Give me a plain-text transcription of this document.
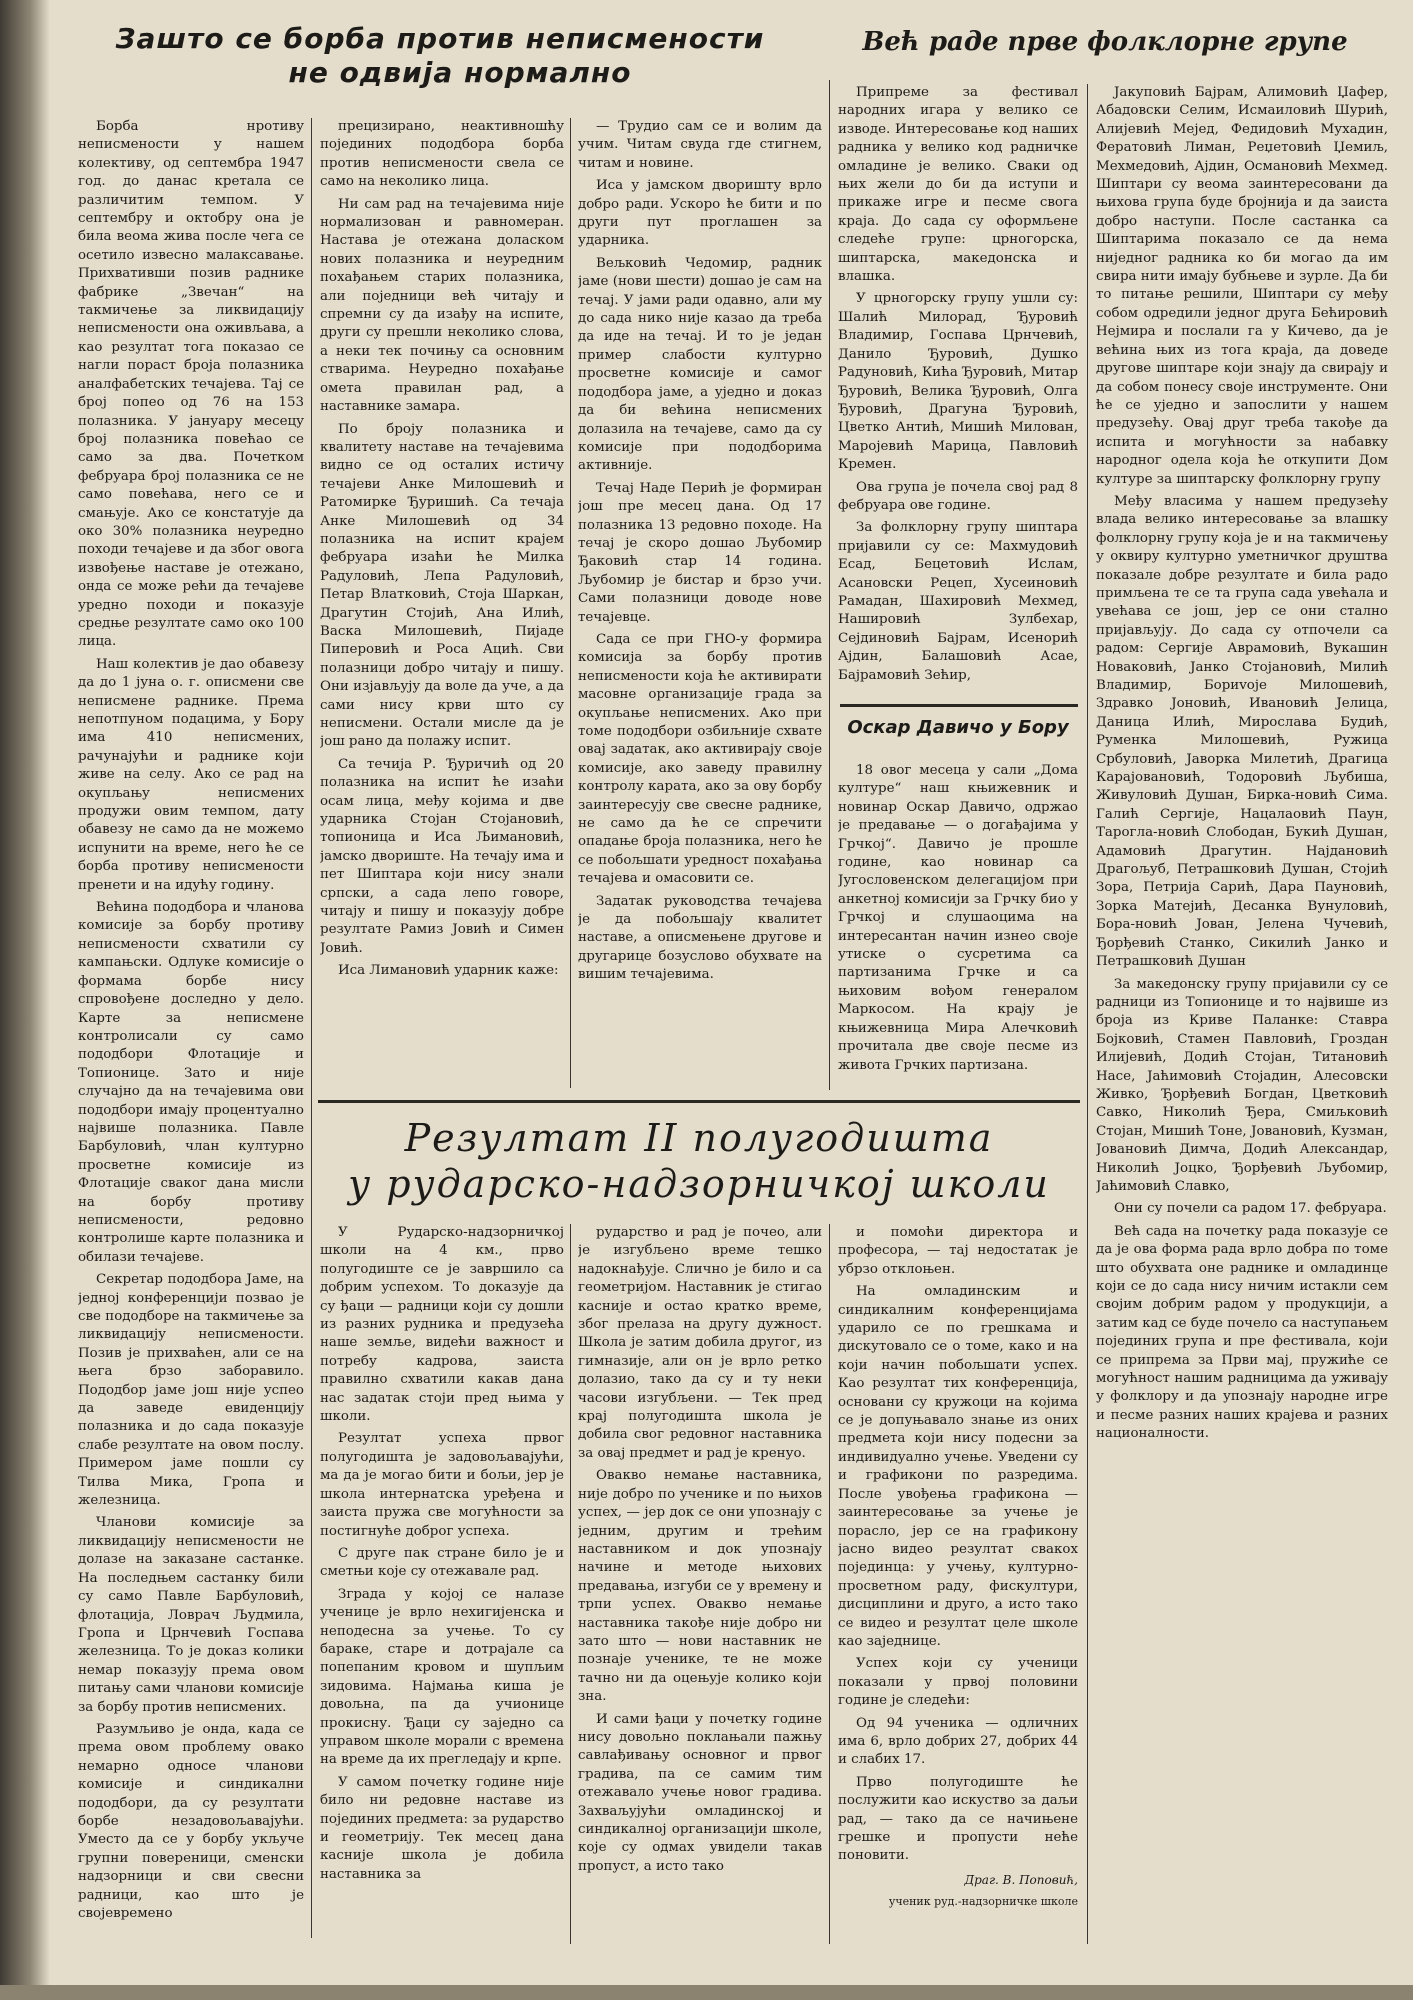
Зашто се борба против неписмености
не одвија нормално
Већ раде прве фолклорне групе

Борба нротиву неписмености у нашем колективу, од септембра 1947 год. до данас кретала се различитим темпом. У септембру и октобру она је била веома жива после чега се осетило извесно малаксавање. Прихвативши позив раднике фабрике „Звечан“ на такмичење за ликвидацију неписмености она оживљава, а као резултат тога показао се нагли пораст броја полазника аналфабетских течајева. Тај се број попео од 76 на 153 полазника. У јануару месецу број полазника повећао се само за два. Почетком фебруара број полазника се не само повећава, него се и смањује. Ако се констатује да око 30% полазника неуредно походи течајеве и да због овога извођење наставе је отежано, онда се може рећи да течајеве уредно походи и показује средње резултате само око 100 лица.

Наш колектив је дао обавезу да до 1 јуна о. г. описмени све неписмене раднике. Према непотпуном подацима, у Бору има 410 неписмених, рачунајући и раднике који живе на селу. Ако се рад на окупљању неписмених продужи овим темпом, дату обавезу не само да не можемо испунити на време, него ће се борба противу неписмености пренети и на идућу годину.

Већина пододбора и чланова комисије за борбу противу неписмености схватили су кампањски. Одлуке комисије о формама борбе нису спровођене доследно у дело. Карте за неписмене контролисали су само пододбори Флотације и Топионице. Зато и није случајно да на течајевима ови пододбори имају процентуално највише полазника. Павле Барбуловић, члан културно просветне комисије из Флотације сваког дана мисли на борбу противу неписмености, редовно контролише карте полазника и обилази течајеве.

Секретар пододбора Јаме, на једној конференцији позвао је све пододборе на такмичење за ликвидацију неписмености. Позив је прихваћен, али се на њега брзо заборавило. Пододбор јаме још није успео да заведе евиденцију полазника и до сада показује слабе резултате на овом послу. Примером јаме пошли су Тилва Мика, Гропа и железница.

Чланови комисије за ликвидацију неписмености не долазе на заказане састанке. На последњем састанку били су само Павле Барбуловић, флотација, Ловрач Људмила, Гропа и Црнчевић Госпава железница. То је доказ колики немар показују према овом питању сами чланови комисије за борбу против неписмених.

Разумљиво је онда, када се према овом проблему овако немарно односе чланови комисије и синдикални пододбори, да су резултати борбе незадовољавајући. Уместо да се у борбу укључе групни повереници, сменски надзорници и сви свесни радници, као што је својевремено

прецизирано, неактивношћу појединих пододбора борба против неписмености свела се само на неколико лица.

Ни сам рад на течајевима није нормализован и равномеран. Настава је отежана доласком нових полазника и неуредним похађањем старих полазника, али поједници већ читају и спремни су да изађу на испите, други су прешли неколико слова, а неки тек почињу са основним стварима. Неуредно похађање омета правилан рад, а наставнике замара.

По броју полазника и квалитету наставе на течајевима видно се од осталих истичу течајеви Анке Милошевић и Ратомирке Ђуришић. Са течаја Анке Милошевић од 34 полазника на испит крајем фебруара изаћи ће Милка Радуловић, Лепа Радуловић, Петар Влатковић, Стоја Шаркан, Драгутин Стојић, Ана Илић, Васка Милошевић, Пијаде Пиперовић и Роса Ацић. Сви полазници добро читају и пишу. Они изјављују да воле да уче, а да сами нису крви што су неписмени. Остали мисле да је још рано да полажу испит.

Са течија Р. Ђуричић од 20 полазника на испит ће изаћи осам лица, међу којима и две ударника Стојан Стојановић, топионица и Иса Љимановић, јамско двориште. На течају има и пет Шиптара који нису знали српски, а сада лепо говоре, читају и пишу и показују добре резултате Рамиз Јовић и Симен Јовић.

Иса Лимановић ударник каже:

— Трудио сам се и волим да учим. Читам свуда где стигнем, читам и новине.

Иса у јамском дворишту врло добро ради. Ускоро ће бити и по други пут проглашен за ударника.

Вељковић Чедомир, радник јаме (нови шести) дошао је сам на течај. У јами ради одавно, али му до сада нико није казао да треба да иде на течај. И то је један пример слабости културно просветне комисије и самог пододбора јаме, а уједно и доказ да би већина неписмених долазила на течајеве, само да су комисије при пододборима активније.

Течај Наде Перић је формиран још пре месец дана. Од 17 полазника 13 редовно походе. На течај је скоро дошао Љубомир Ђаковић стар 14 година. Љубомир је бистар и брзо учи. Сами полазници доводе нове течајевце.

Сада се при ГНО-у формира комисија за борбу против неписмености која ће активирати масовне организације града за окупљање неписмених. Ако при томе пододбори озбиљније схвате овај задатак, ако активирају своје комисије, ако заведу правилну контролу карата, ако за ову борбу заинтересују све свесне раднике, не само да ће се спречити опадање броја полазника, него ће се побољшати уредност похађања течајева и омасовити се.

Задатак руководства течајева је да побољшају квалитет наставе, а описмењене другове и другарице бозуслово обухвате на вишим течајевима.

Припреме за фестивал народних игара у велико се изводе. Интересовање код наших радника у велико код радничке омладине је велико. Сваки од њих жели до би да иступи и прикаже игре и песме свога краја. До сада су оформљене следеће групе: црногорска, шиптарска, македонска и влашка.

У црногорску групу ушли су: Шалић Милорад, Ђуровић Владимир, Госпава Црнчевић, Данило Ђуровић, Душко Радуновић, Кића Ђуровић, Митар Ђуровић, Велика Ђуровић, Олга Ђуровић, Драгуна Ђуровић, Цветко Антић, Мишић Милован, Маројевић Марица, Павловић Кремен.

Ова група је почела свој рад 8 фебруара ове године.

За фолклорну групу шиптара пријавили су се: Махмудовић Есад, Бецетовић Ислам, Асановски Рецеп, Хусеиновић Рамадан, Шахировић Мехмед, Нашировић Зулбехар, Сејдиновић Бајрам, Исенорић Ајдин, Балашовић Асае, Бајрамовић Зећир,

Оскар Давичо у Бору

18 овог месеца у сали „Дома културе“ наш књижевник и новинар Оскар Давичо, одржао је предавање — о догађајима у Грчкој“. Давичо је прошле године, као новинар са Југословенском делегацијом при анкетној комисији за Грчку био у Грчкој и слушаоцима на интересантан начин изнео своје утиске о сусретима са партизанима Грчке и са њиховим вођом генералом Маркосом. На крају је књижевница Мира Алечковић прочитала две своје песме из живота Грчких партизана.

Јакуповић Бајрам, Алимовић Џафер, Абадовски Селим, Исмаиловић Шурић, Алијевић Мејед, Федидовић Мухадин, Фератовић Лиман, Реџетовић Џемиљ, Мехмедовић, Ајдин, Османовић Мехмед. Шиптари су веома заинтересовани да њихова група буде бројнија и да заиста добро наступи. После састанка са Шиптарима показало се да нема ниједног радника ко би могао да им свира нити имају бубњеве и зурле. Да би то питање решили, Шиптари су међу собом одредили једног друга Бећировић Нејмира и послали га у Кичево, да је већина њих из тога краја, да доведе другове шиптаре који знају да свирају и да собом понесу своје инструменте. Они ће се уједно и запослити у нашем предузећу. Овај друг треба такође да испита и могућности за набавку народног одела која ће откупити Дом културе за шиптарску фолклорну групу

Међу власима у нашем предузећу влада велико интересовање за влашку фолклорну групу која је и на такмичењу у оквиру културно уметничког друштва показале добре резултате и била радо примљена те се та група сада увећала и увећава се још, јер се они стално пријављују. До сада су отпочели са радом: Сергије Аврамовић, Вукашин Новаковић, Јанко Стојановић, Милић Владимир, Бориvоје Милошевић, Здравко Јоновић, Ивановић Јелица, Даница Илић, Мирослава Будић, Руменка Милошевић, Ружица Србуловић, Јаворка Милетић, Драгица Карајовановић, Тодоровић Љубиша, Живуловић Душан, Бирка-новић Сима. Галић Сергије, Нацалаовић Паун, Тарогла-новић Слободан, Букић Душан, Адамовић Драгутин. Најдановић Драгољуб, Петрашковић Душан, Стојић Зора, Петрија Сарић, Дара Пауновић, Зорка Матејић, Десанка Вунуловић, Бора-новић Јован, Јелена Чучевић, Ђорђевић Станко, Сикилић Јанко и Петрашковић Душан

За македонску групу пријавили су се радници из Топионице и то највише из броја из Криве Паланке: Ставра Бојковић, Стамен Павловић, Гроздан Илијевић, Додић Стојан, Титановић Насе, Јаћимовић Стојадин, Алесовски Живко, Ђорђевић Богдан, Цветковић Савко, Николић Ђера, Смиљковић Стојан, Мишић Тоне, Јовановић, Кузман, Јовановић Димча, Додић Александар, Николић Јоцко, Ђорђевић Љубомир, Јаћимовић Славко,

Они су почели са радом 17. фебруара.

Већ сада на почетку рада показује се да је ова форма рада врло добра по томе што обухвата оне раднике и омладинце који се до сада нису ничим истакли сем својим добрим радом у продукцији, а затим кад се буде почело са наступањем појединих група и пре фестивала, који се припрема за Први мај, пружиће се могућност нашим радницима да уживају у фолклору и да упознају народне игре и песме разних наших крајева и разних националности.

Резултат II полугодишта
у рударско-надзорничкој школи

У Рударско-надзорничкој школи на 4 км., прво полугодиште се је завршило са добрим успехом. То доказује да су ђаци — радници који су дошли из разних рудника и предузећа наше земље, видећи важност и потребу кадрова, заиста правилно схватили какав дана нас задатак стоји пред њима у школи.

Резултат успеха првог полугодишта је задовољавајући, ма да је могао бити и бољи, јер је школа интернатска уређена и заиста пружа све могућности за постигнуће доброг успеха.

С друге пак стране било је и сметњи које су отежавале рад.

Зграда у којој се налазе ученице је врло нехигијенска и неподесна за учење. То су бараке, старе и дотрајале са попепаним кровом и шупљим зидовима. Најмања киша је довољна, па да учионице прокисну. Ђаци су заједно са управом школе морали с времена на време да их прегледају и крпе.

У самом почетку године није било ни редовне наставе из појединих предмета: за рударство и геометрију. Тек месец дана касније школа је добила наставника за

рударство и рад је почео, али је изгубљено време тешко надокнађује. Слично је било и са геометријом. Наставник је стигао касније и остао кратко време, због прелаза на другу дужност. Школа је затим добила другог, из гимназије, али он је врло ретко долазио, тако да су и ту неки часови изгубљени. — Тек пред крај полугодишта школа је добила свог редовног наставника за овај предмет и рад је кренуо.

Овакво немање наставника, није добро по ученике и по њихов успех, — јер док се они упознају с једним, другим и трећим наставником и док упознају начине и методе њихових предавања, изгуби се у времену и трпи успех. Овакво немање наставника такође није добро ни зато што — нови наставник не познаје ученике, те не може тачно ни да оцењује колико који зна.

И сами ђаци у почетку године нису довољно поклањали пажњу савлађивању основног и првог градива, па се самим тим отежавало учење новог градива. Захваљујући омладинској и синдикалној организацији школе, које су одмах увидели такав пропуст, а исто тако

и помоћи директора и професора, — тај недостатак је убрзо отклоњен.

На омладинским и синдикалним конференцијама ударило се по грешкама и дискутовало се о томе, како и на који начин побољшати успех. Као резултат тих конференција, основани су кружоци на којима се је допуњавало знање из оних предмета који нису подесни за индивидуално учење. Уведени су и графикони по разредима. После увођења графикона — заинтересовање за учење је порасло, јер се на графикону јасно видео резултат свакох појединца: у учењу, културно-просветном раду, фискултури, дисциплини и друго, а исто тако се видео и резултат целе школе као заједнице.

Успех који су ученици показали у првој половини године је следећи:

Од 94 ученика — одличних има 6, врло добрих 27, добрих 44 и слабих 17.

Прво полугодиште ће послужити као искуство за даљи рад, — тако да се начињене грешке и пропусти неће поновити.

Драг. В. Поповић,
ученик руд.-надзорничке школе
